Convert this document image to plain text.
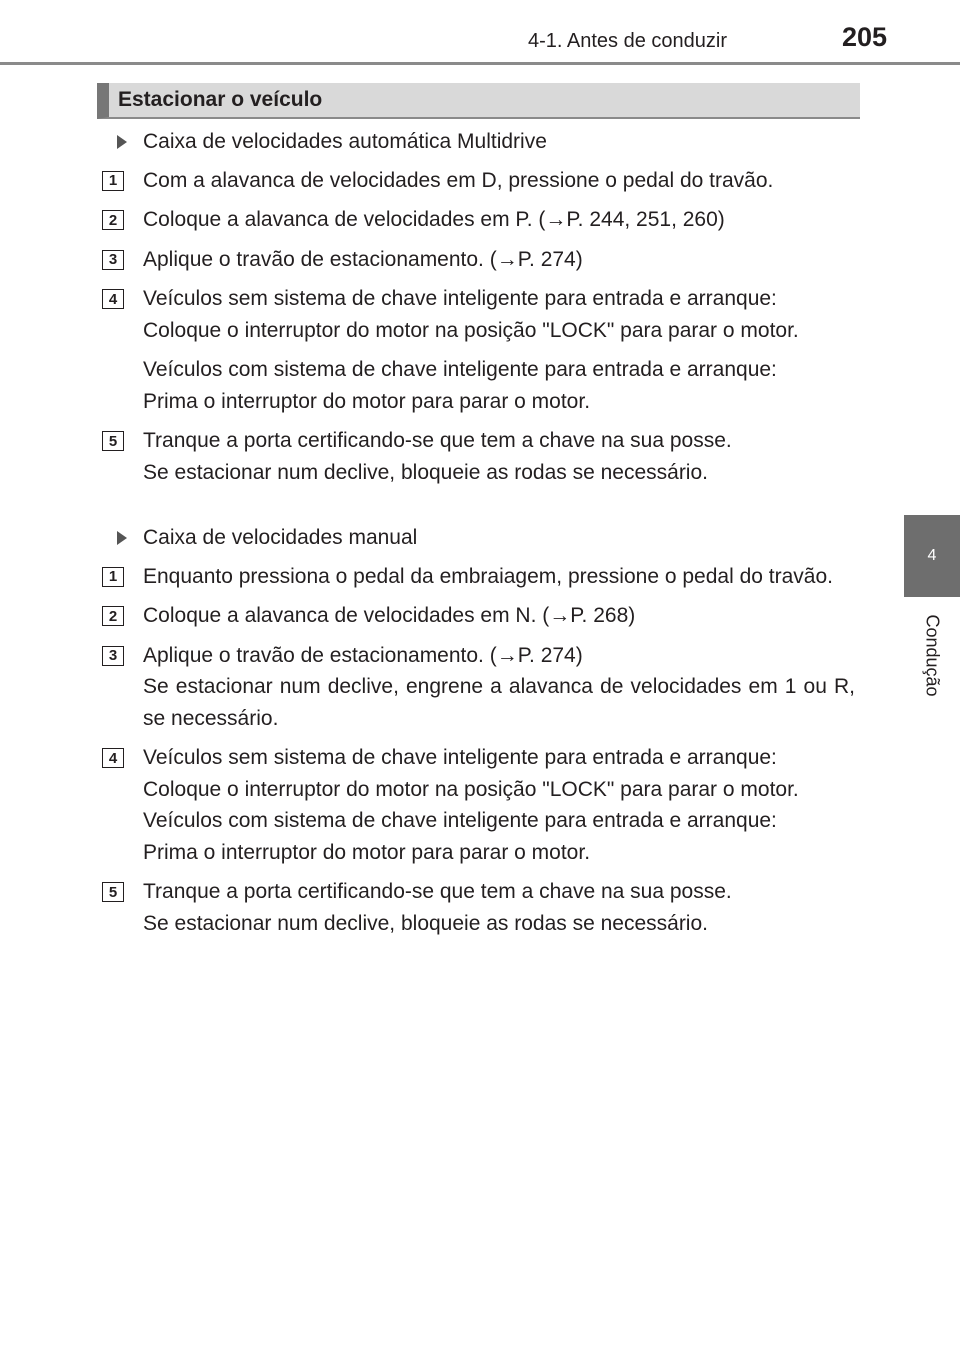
4-1. Antes de conduzir	205
4
Condução
Estacionar o veículo
Caixa de velocidades automática Multidrive
1	Com a alavanca de velocidades em D, pressione o pedal do travão.

2	Coloque a alavanca de velocidades em P. (→P. 244, 251, 260)

3	Aplique o travão de estacionamento. (→P. 274)

4	Veículos sem sistema de chave inteligente para entrada e arranque:

Coloque o interruptor do motor na posição "LOCK" para parar o motor.

Veículos com sistema de chave inteligente para entrada e arranque:

Prima o interruptor do motor para parar o motor.

5	Tranque a porta certificando-se que tem a chave na sua posse.

Se estacionar num declive, bloqueie as rodas se necessário.

Caixa de velocidades manual
1	Enquanto pressiona o pedal da embraiagem, pressione o pedal do travão.

2	Coloque a alavanca de velocidades em N. (→P. 268)

3	Aplique o travão de estacionamento. (→P. 274)

Se estacionar num declive, engrene a alavanca de velocidades em 1 ou R, se necessário.

4	Veículos sem sistema de chave inteligente para entrada e arranque:

Coloque o interruptor do motor na posição "LOCK" para parar o motor.

Veículos com sistema de chave inteligente para entrada e arranque:

Prima o interruptor do motor para parar o motor.

5	Tranque a porta certificando-se que tem a chave na sua posse.

Se estacionar num declive, bloqueie as rodas se necessário.
